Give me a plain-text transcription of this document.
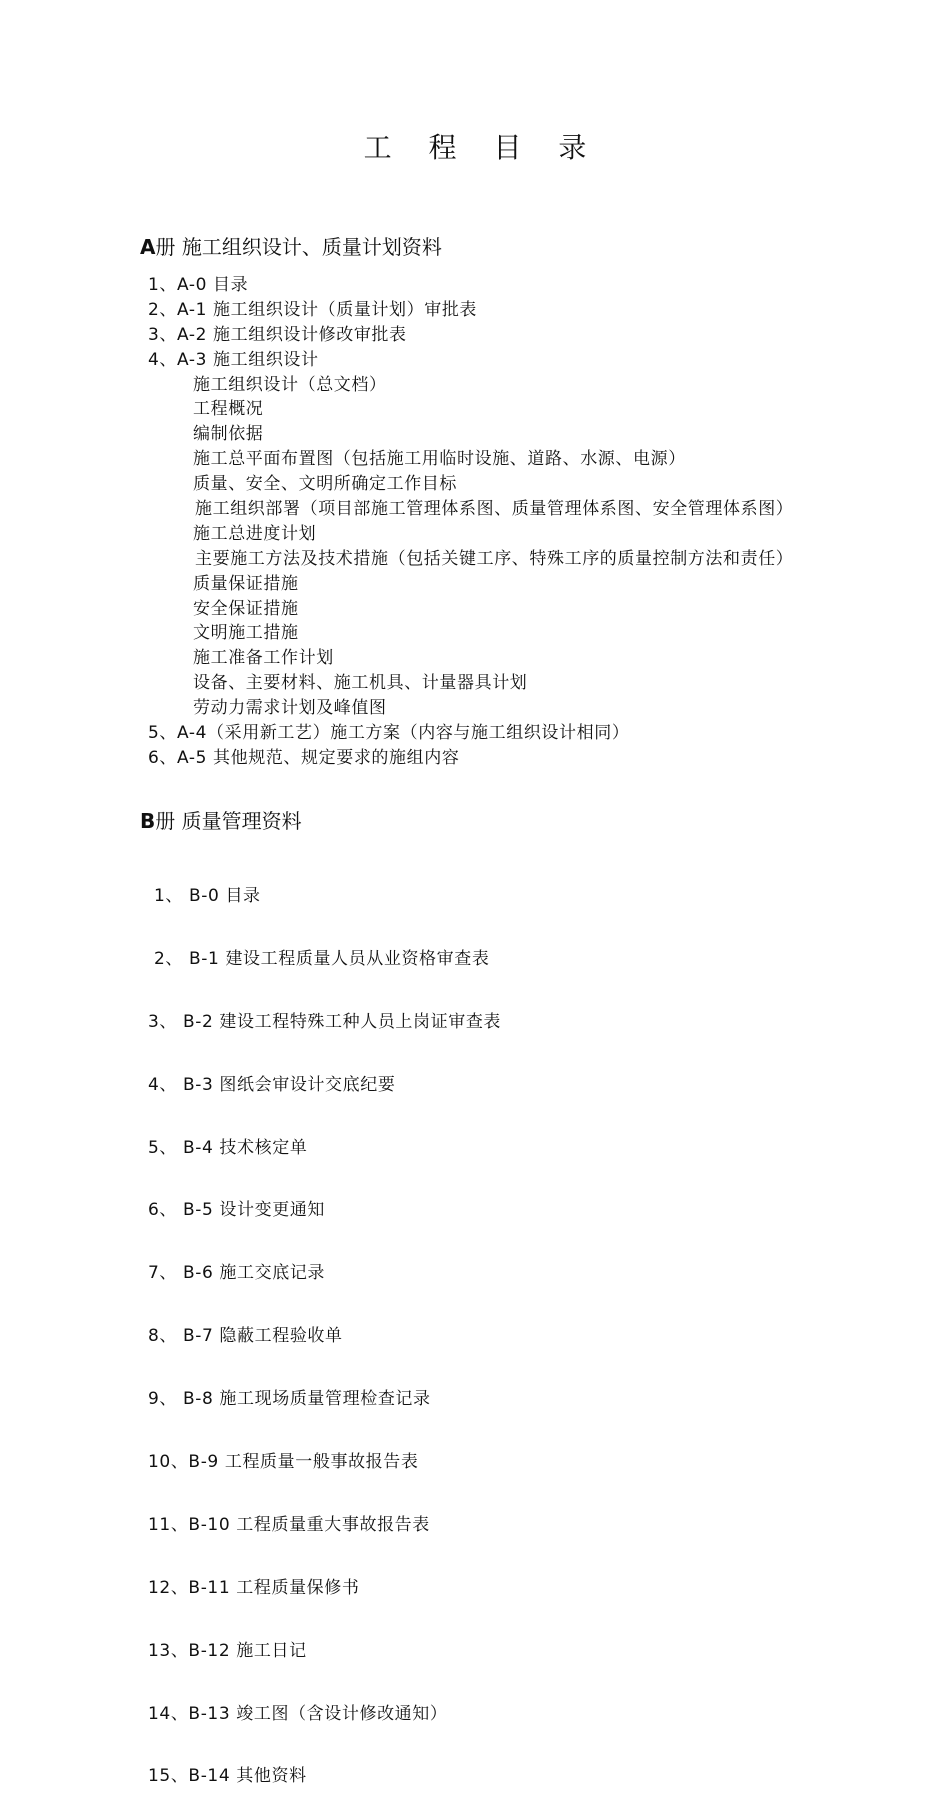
工 程 目 录
A册 施工组织设计、质量计划资料
1、A-0 目录
2、A-1 施工组织设计（质量计划）审批表
3、A-2 施工组织设计修改审批表
4、A-3 施工组织设计
施工组织设计（总文档）
工程概况
编制依据
施工总平面布置图（包括施工用临时设施、道路、水源、电源）
质量、安全、文明所确定工作目标
施工组织部署（项目部施工管理体系图、质量管理体系图、安全管理体系图）
施工总进度计划
主要施工方法及技术措施（包括关键工序、特殊工序的质量控制方法和责任）
质量保证措施
安全保证措施
文明施工措施
施工准备工作计划
设备、主要材料、施工机具、计量器具计划
劳动力需求计划及峰值图
5、A-4（采用新工艺）施工方案（内容与施工组织设计相同）
6、A-5 其他规范、规定要求的施组内容
B册 质量管理资料

1、 B-0 目录

2、 B-1 建设工程质量人员从业资格审查表

3、 B-2 建设工程特殊工种人员上岗证审查表

4、 B-3 图纸会审设计交底纪要

5、 B-4 技术核定单

6、 B-5 设计变更通知

7、 B-6 施工交底记录

8、 B-7 隐蔽工程验收单

9、 B-8 施工现场质量管理检查记录

10、B-9 工程质量一般事故报告表

11、B-10 工程质量重大事故报告表

12、B-11 工程质量保修书

13、B-12 施工日记

14、B-13 竣工图（含设计修改通知）

15、B-14 其他资料
